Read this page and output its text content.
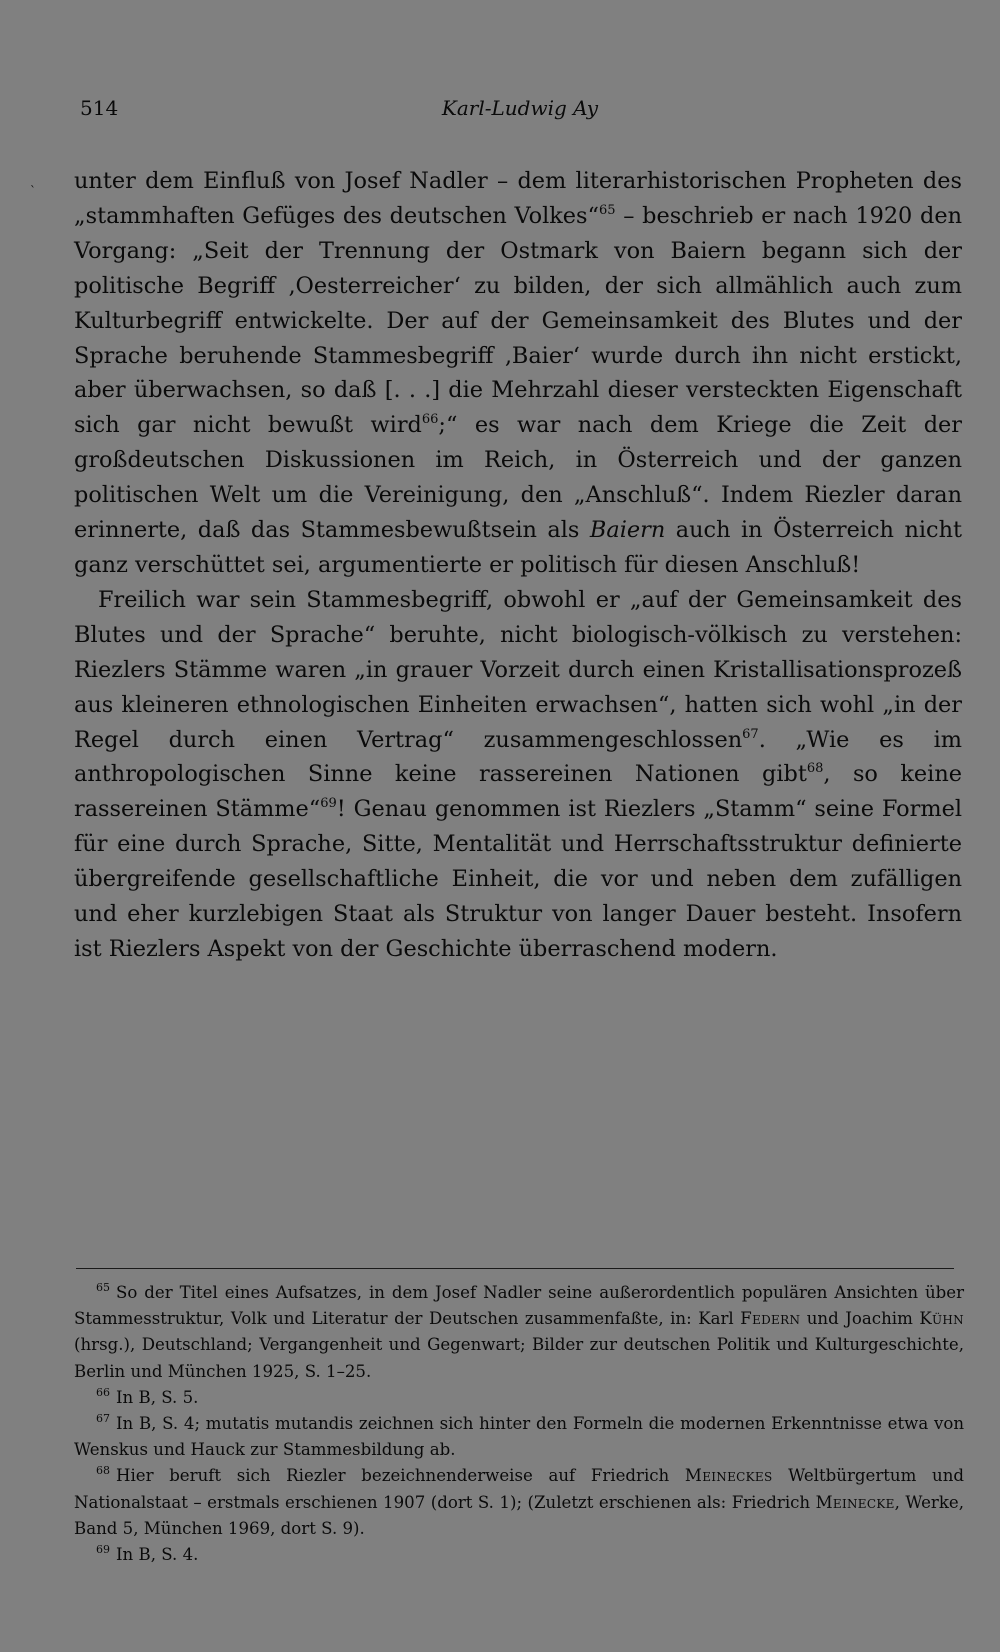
514	Karl-Ludwig Ay
` unter dem Einfluß von Josef Nadler – dem literarhistorischen Propheten des „stammhaften Gefüges des deutschen Volkes“$^{65}$ – beschrieb er nach 1920 den Vorgang: „Seit der Trennung der Ostmark von Baiern begann sich der politische Begriff ‚Oesterreicher‘ zu bilden, der sich allmählich auch zum Kulturbegriff entwickelte. Der auf der Gemeinsamkeit des Blutes und der Sprache beruhende Stammesbegriff ‚Baier‘ wurde durch ihn nicht erstickt, aber überwachsen, so daß [. . .] die Mehrzahl dieser versteckten Eigenschaft sich gar nicht bewußt wird$^{66}$;“ es war nach dem Kriege die Zeit der großdeutschen Diskussionen im Reich, in Österreich und der ganzen politischen Welt um die Vereinigung, den „Anschluß“. Indem Riezler daran erinnerte, daß das Stammesbewußtsein als Baiern auch in Österreich nicht ganz verschüttet sei, argumentierte er politisch für diesen Anschluß!

Freilich war sein Stammesbegriff, obwohl er „auf der Gemeinsamkeit des Blutes und der Sprache“ beruhte, nicht biologisch-völkisch zu verstehen: Riezlers Stämme waren „in grauer Vorzeit durch einen Kristallisationsprozeß aus kleineren ethnologischen Einheiten erwachsen“, hatten sich wohl „in der Regel durch einen Vertrag“ zusammengeschlossen$^{67}$. „Wie es im anthropologischen Sinne keine rassereinen Nationen gibt$^{68}$, so keine rassereinen Stämme“$^{69}$! Genau genommen ist Riezlers „Stamm“ seine Formel für eine durch Sprache, Sitte, Mentalität und Herrschaftsstruktur definierte übergreifende gesellschaftliche Einheit, die vor und neben dem zufälligen und eher kurzlebigen Staat als Struktur von langer Dauer besteht. Insofern ist Riezlers Aspekt von der Geschichte überraschend modern.

$^{65}$ So der Titel eines Aufsatzes, in dem Josef Nadler seine außerordentlich populären Ansichten über Stammesstruktur, Volk und Literatur der Deutschen zusammenfaßte, in: Karl Federn und Joachim Kühn (hrsg.), Deutschland; Vergangenheit und Gegenwart; Bilder zur deutschen Politik und Kulturgeschichte, Berlin und München 1925, S. 1–25.

$^{66}$ In B, S. 5.

$^{67}$ In B, S. 4; mutatis mutandis zeichnen sich hinter den Formeln die modernen Erkenntnisse etwa von Wenskus und Hauck zur Stammesbildung ab.

$^{68}$ Hier beruft sich Riezler bezeichnenderweise auf Friedrich Meineckes Weltbürgertum und Nationalstaat – erstmals erschienen 1907 (dort S. 1); (Zuletzt erschienen als: Friedrich Meinecke, Werke, Band 5, München 1969, dort S. 9).

$^{69}$ In B, S. 4.
